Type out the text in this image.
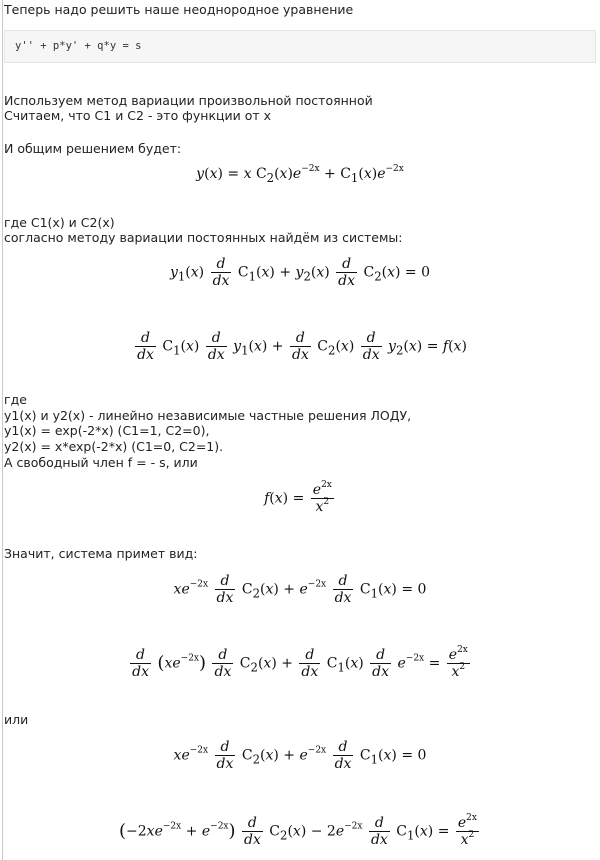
Теперь надо решить наше неоднородное уравнение
y'' + p*y' + q*y = s
Используем метод вариации произвольной постоянной
Считаем, что C1 и C2 - это функции от x
И общим решением будет:
y(x) = x $C_2(x)e^{-2x} + C_1(x)e^{-2x}$
где C1(x) и C2(x)
согласно методу вариации постоянных найдём из системы:
$y_1(x) \frac{d}{dx} C_1(x) + y_2(x) \frac{d}{dx} C_2(x) = 0$
$\frac{d}{dx} C_1(x) \frac{d}{dx} y_1(x) + \frac{d}{dx} C_2(x) \frac{d}{dx} y_2(x) = f(x)$
где
y1(x) и y2(x) - линейно независимые частные решения ЛОДУ,
y1(x) = exp(-2*x) (C1=1, C2=0),
y2(x) = x*exp(-2*x) (C1=0, C2=1).
А свободный член f = - s, или
$f(x) = \frac{e^{2x}}{x^2}$
Значит, система примет вид:
$xe^{-2x} \frac{d}{dx} C_2(x) + e^{-2x} \frac{d}{dx} C_1(x) = 0$
$\frac{d}{dx} (xe^{-2x}) \frac{d}{dx} C_2(x) + \frac{d}{dx} C_1(x) \frac{d}{dx} e^{-2x} = \frac{e^{2x}}{x^2}$
или
$xe^{-2x} \frac{d}{dx} C_2(x) + e^{-2x} \frac{d}{dx} C_1(x) = 0$
$(-2xe^{-2x} + e^{-2x}) \frac{d}{dx} C_2(x) - 2e^{-2x} \frac{d}{dx} C_1(x) = \frac{e^{2x}}{x^2}$
